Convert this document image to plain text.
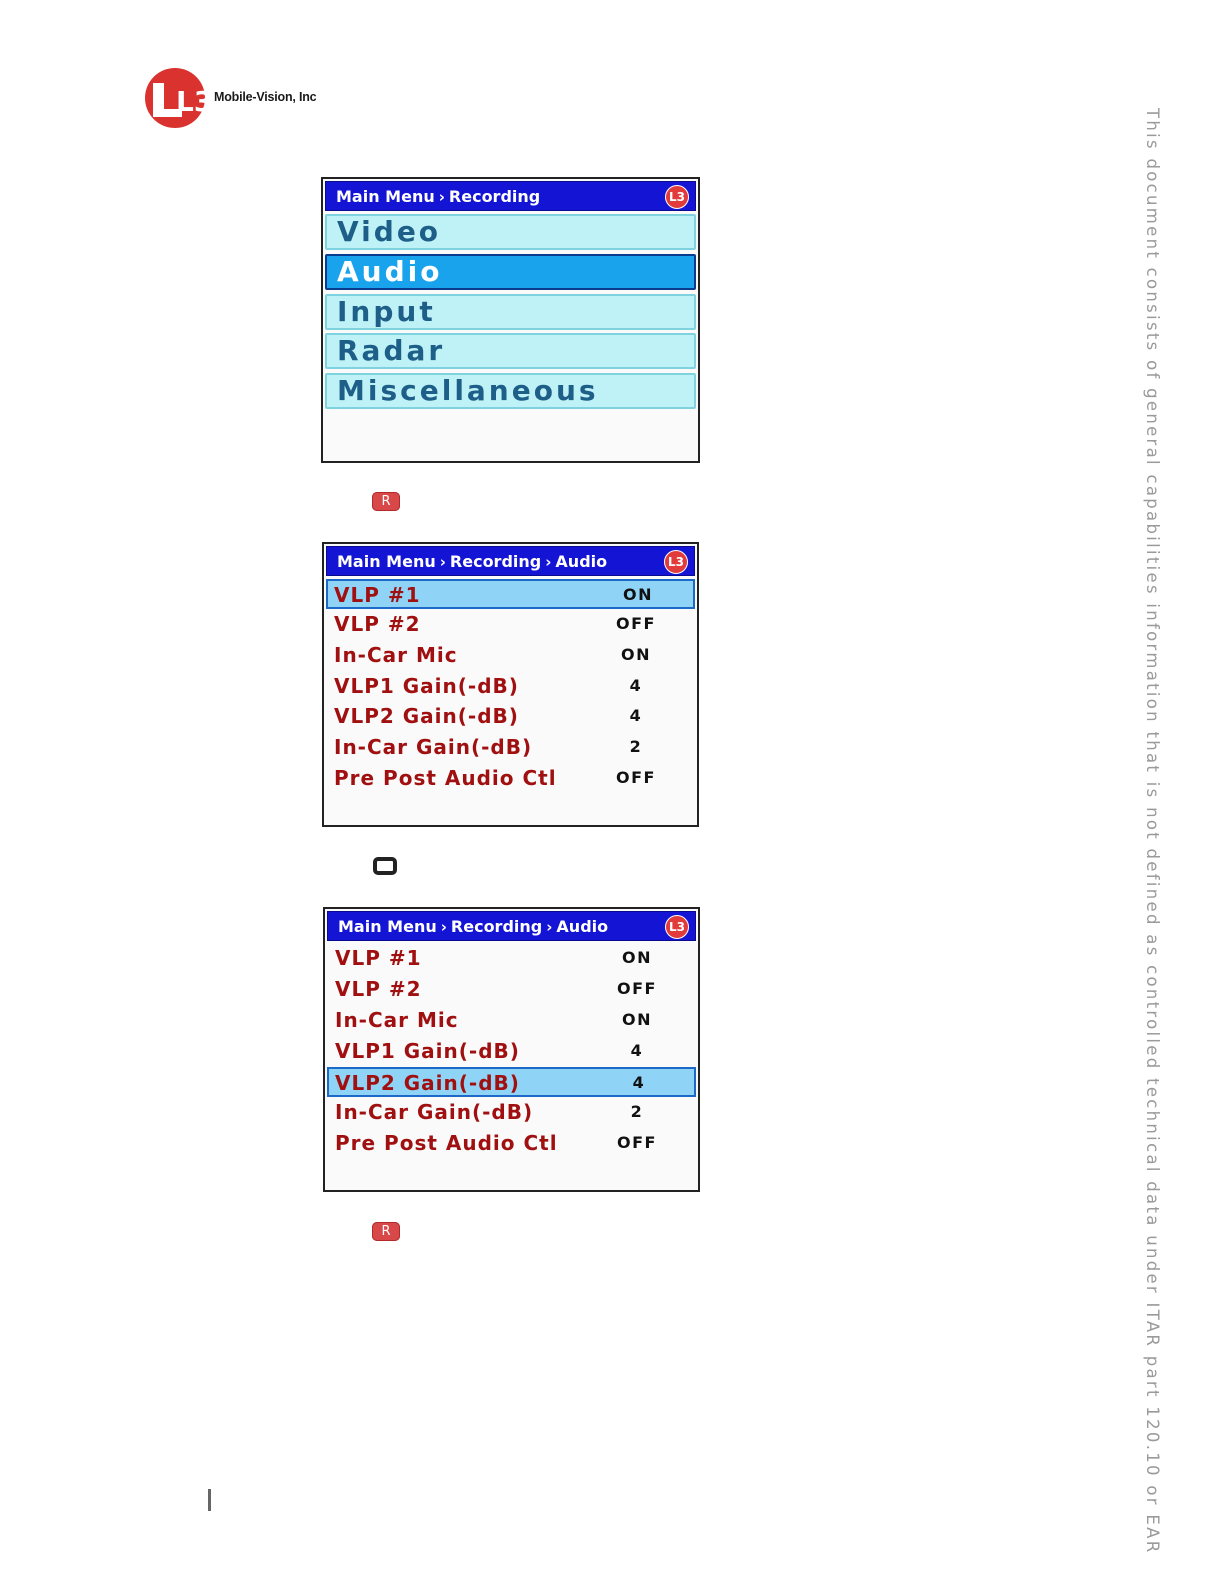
L3 Mobile-Vision, Inc
This document consists of general capabilities information that is not defined as controlled technical data under ITAR part 120.10 or EAR
Main Menu › Recording	L3
Video
Audio
Input
Radar
Miscellaneous
R
Main Menu › Recording › Audio	L3
VLP #1	ON
VLP #2	OFF
In-Car Mic	ON
VLP1 Gain(-dB)	4
VLP2 Gain(-dB)	4
In-Car Gain(-dB)	2
Pre Post Audio Ctl	OFF
Main Menu › Recording › Audio	L3
VLP #1	ON
VLP #2	OFF
In-Car Mic	ON
VLP1 Gain(-dB)	4
VLP2 Gain(-dB)	4
In-Car Gain(-dB)	2
Pre Post Audio Ctl	OFF
R
